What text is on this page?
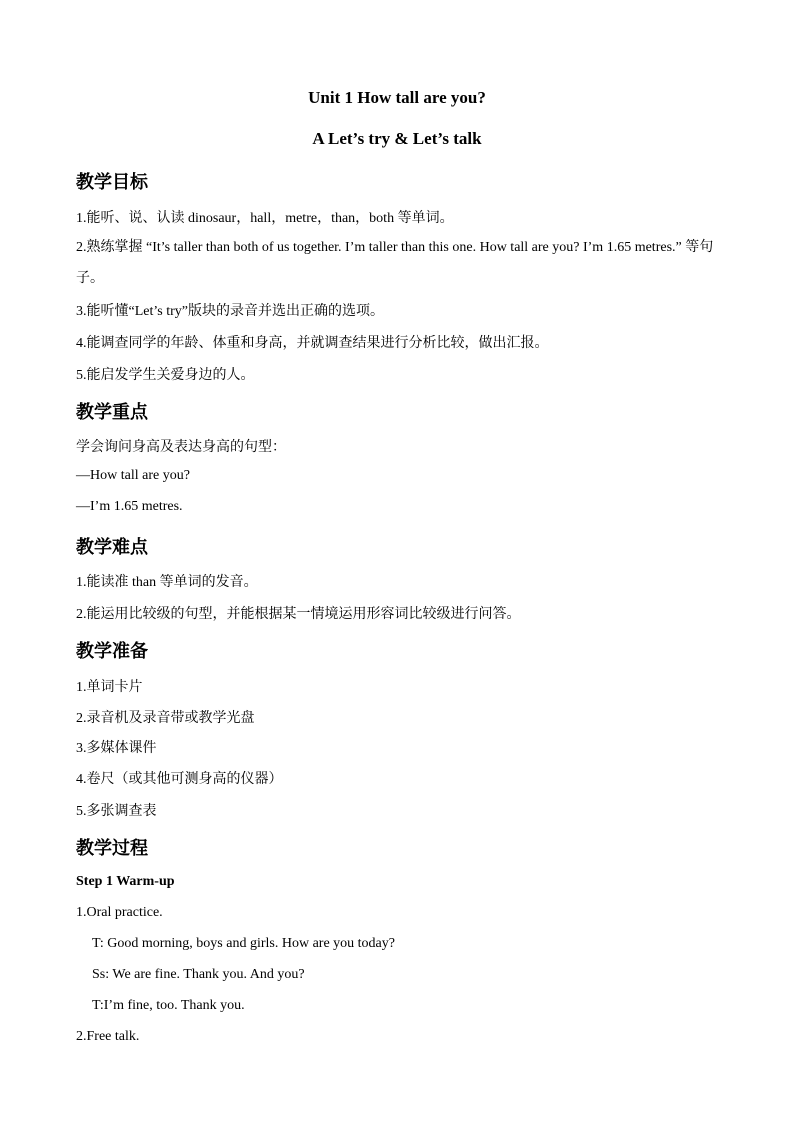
Unit 1 How tall are you?
A Let’s try & Let’s talk
教学目标
1.能听、说、认读 dinosaur，hall，metre，than，both 等单词。
2.熟练掌握 “It’s taller than both of us together. I’m taller than this one. How tall are you? I’m 1.65 metres.” 等句子。
3.能听懂“Let’s try”版块的录音并选出正确的选项。
4.能调查同学的年龄、体重和身高，并就调查结果进行分析比较，做出汇报。
5.能启发学生关爱身边的人。
教学重点
学会询问身高及表达身高的句型：
—How tall are you?
—I’m 1.65 metres.
教学难点
1.能读准 than 等单词的发音。
2.能运用比较级的句型，并能根据某一情境运用形容词比较级进行问答。
教学准备
1.单词卡片
2.录音机及录音带或教学光盘
3.多媒体课件
4.卷尺（或其他可测身高的仪器）
5.多张调查表
教学过程
Step 1 Warm-up
1.Oral practice.
T: Good morning, boys and girls. How are you today?
Ss: We are fine. Thank you. And you?
T:I’m fine, too. Thank you.
2.Free talk.
